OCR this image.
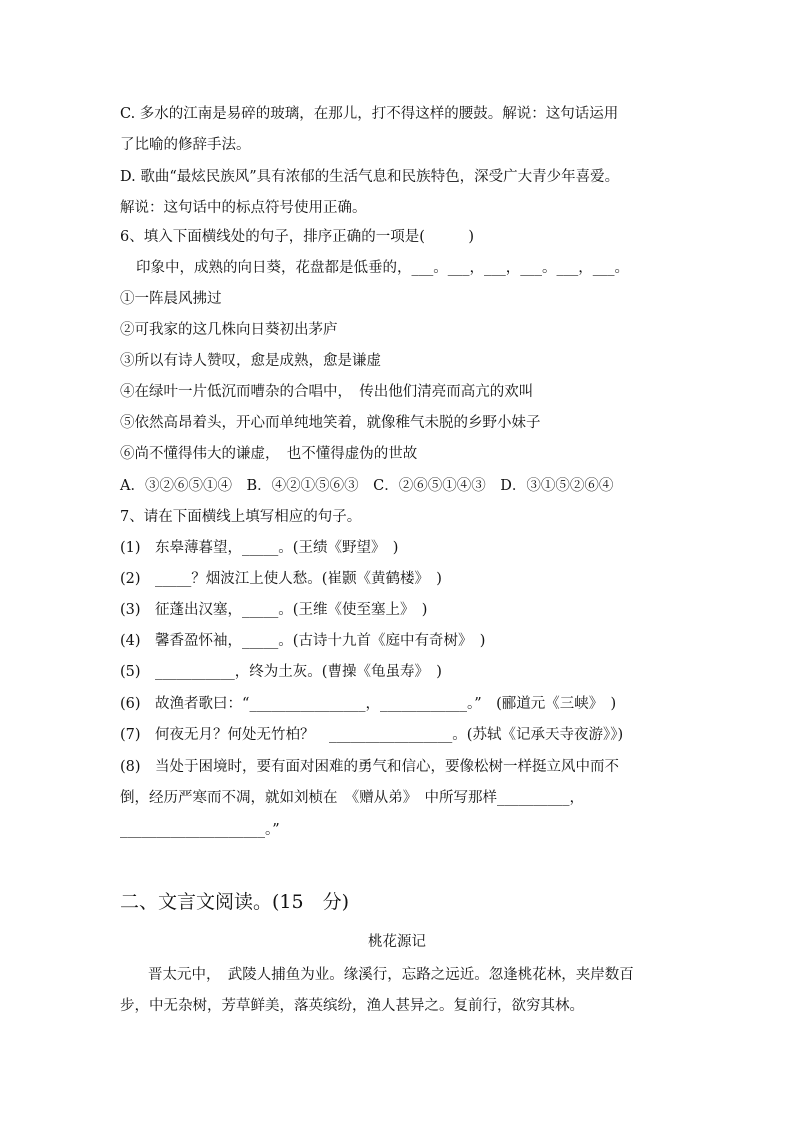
C. 多水的江南是易碎的玻璃，在那儿，打不得这样的腰鼓。解说：这句话运用
了比喻的修辞手法。
D. 歌曲“最炫民族风”具有浓郁的生活气息和民族特色，深受广大青少年喜爱。
解说：这句话中的标点符号使用正确。
6、填入下面横线处的句子，排序正确的一项是(　　　)
印象中，成熟的向日葵，花盘都是低垂的，___。___，___，___。___，___。
①一阵晨风拂过
②可我家的这几株向日葵初出茅庐
③所以有诗人赞叹，愈是成熟，愈是谦虚
④在绿叶一片低沉而嘈杂的合唱中，　传出他们清亮而高亢的欢叫
⑤依然高昂着头，开心而单纯地笑着，就像稚气未脱的乡野小妹子
⑥尚不懂得伟大的谦虚，　也不懂得虚伪的世故
A．③②⑥⑤①④　B．④②①⑤⑥③　C．②⑥⑤①④③　D．③①⑤②⑥④
7、请在下面横线上填写相应的句子。
(1)　东皋薄暮望，_____。(王绩《野望》　)
(2)　_____？烟波江上使人愁。(崔颢《黄鹤楼》　)
(3)　征蓬出汉塞，_____。(王维《使至塞上》　)
(4)　馨香盈怀袖，_____。(古诗十九首《庭中有奇树》　)
(5)　___________，终为土灰。(曹操《龟虽寿》　)
(6)　故渔者歌曰：“________________，____________。”　(郦道元《三峡》　)
(7)　何夜无月？何处无竹柏？　_________________。(苏轼《记承天寺夜游》》)
(8)　当处于困境时，要有面对困难的勇气和信心，要像松树一样挺立风中而不
倒，经历严寒而不凋，就如刘桢在　《赠从弟》　中所写那样__________，
____________________。”
二、文言文阅读。(15　分)
桃花源记
晋太元中，　武陵人捕鱼为业。缘溪行，忘路之远近。忽逢桃花林，夹岸数百
步，中无杂树，芳草鲜美，落英缤纷，渔人甚异之。复前行，欲穷其林。
